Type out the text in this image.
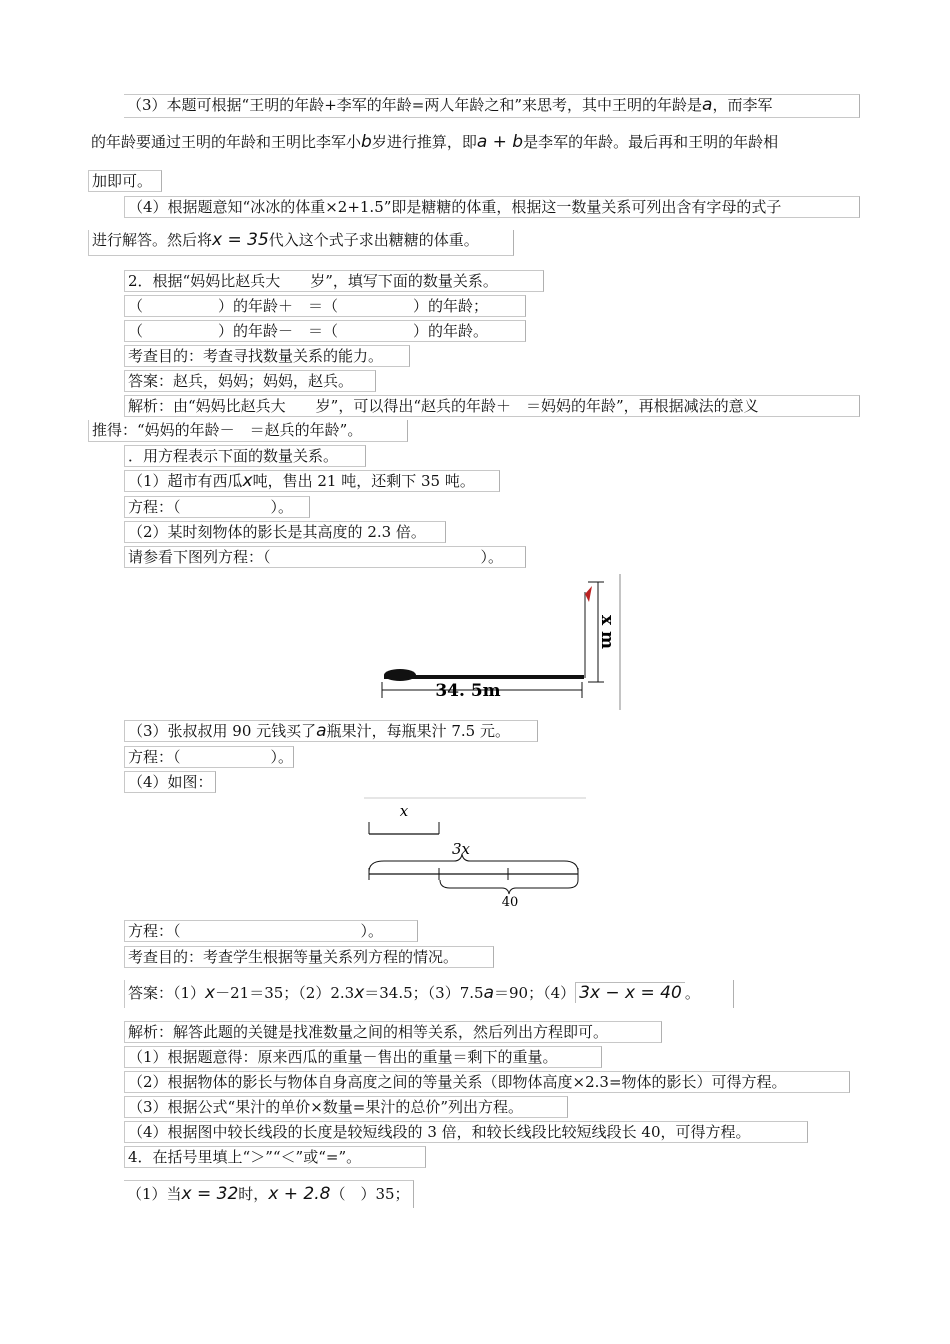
（3）本题可根据“王明的年龄+李军的年龄=两人年龄之和”来思考，其中王明的年龄是a，而李军
的年龄要通过王明的年龄和王明比李军小b岁进行推算，即a + b是李军的年龄。最后再和王明的年龄相
加即可。
（4）根据题意知“冰冰的体重×2+1.5”即是糖糖的体重，根据这一数量关系可列出含有字母的式子
进行解答。然后将x = 35代入这个式子求出糖糖的体重。
2．根据“妈妈比赵兵大　　岁”，填写下面的数量关系。
（　　　　　）的年龄＋　＝（　　　　　）的年龄；
（　　　　　）的年龄－　＝（　　　　　）的年龄。
考查目的：考查寻找数量关系的能力。
答案：赵兵，妈妈；妈妈，赵兵。
解析：由“妈妈比赵兵大　　岁”，可以得出“赵兵的年龄＋　＝妈妈的年龄”，再根据减法的意义
推得：“妈妈的年龄－　＝赵兵的年龄”。
．用方程表示下面的数量关系。
（1）超市有西瓜x吨，售出 21 吨，还剩下 35 吨。
方程：（　　　　　　）。
（2）某时刻物体的影长是其高度的 2.3 倍。
请参看下图列方程：（　　　　　　　　　　　　　　）。
x m
34. 5m
（3）张叔叔用 90 元钱买了a瓶果汁，每瓶果汁 7.5 元。
方程：（　　　　　　）。
（4）如图：
x
3x
40
方程：（　　　　　　　　　　　　）。
考查目的：考查学生根据等量关系列方程的情况。
答案：（1）x－21＝35；（2）2.3x＝34.5；（3）7.5a＝90；（4） 3x − x = 40 。
解析：解答此题的关键是找准数量之间的相等关系，然后列出方程即可。
（1）根据题意得：原来西瓜的重量－售出的重量＝剩下的重量。
（2）根据物体的影长与物体自身高度之间的等量关系（即物体高度×2.3=物体的影长）可得方程。
（3）根据公式“果汁的单价×数量=果汁的总价”列出方程。
（4）根据图中较长线段的长度是较短线段的 3 倍，和较长线段比较短线段长 40，可得方程。
4．在括号里填上“＞”“＜”或“=”。
（1）当x = 32时，x + 2.8（　）35；
